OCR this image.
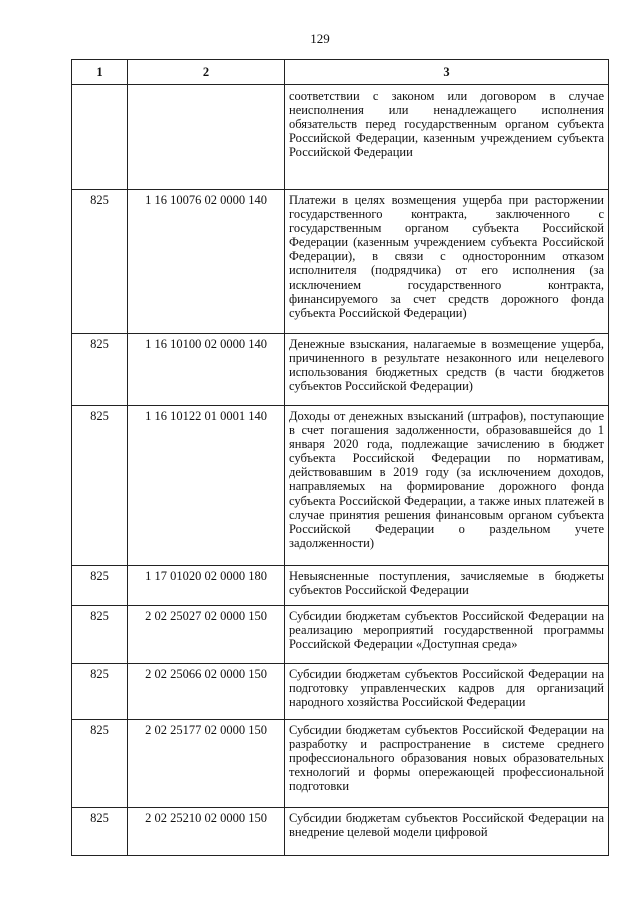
129
1	2	3
		соответствии с законом или договором в случае неисполнения или ненадлежащего исполнения обязательств перед государственным органом субъекта Российской Федерации, казенным учреждением субъекта Российской Федерации
825	1 16 10076 02 0000 140	Платежи в целях возмещения ущерба при расторжении государственного контракта, заключенного с государственным органом субъекта Российской Федерации (казенным учреждением субъекта Российской Федерации), в связи с односторонним отказом исполнителя (подрядчика) от его исполнения (за исключением государственного контракта, финансируемого за счет средств дорожного фонда субъекта Российской Федерации)
825	1 16 10100 02 0000 140	Денежные взыскания, налагаемые в возмещение ущерба, причиненного в результате незаконного или нецелевого использования бюджетных средств (в части бюджетов субъектов Российской Федерации)
825	1 16 10122 01 0001 140	Доходы от денежных взысканий (штрафов), поступающие в счет погашения задолженности, образовавшейся до 1 января 2020 года, подлежащие зачислению в бюджет субъекта Российской Федерации по нормативам, действовавшим в 2019 году (за исключением доходов, направляемых на формирование дорожного фонда субъекта Российской Федерации, а также иных платежей в случае принятия решения финансовым органом субъекта Российской Федерации о раздельном учете задолженности)
825	1 17 01020 02 0000 180	Невыясненные поступления, зачисляемые в бюджеты субъектов Российской Федерации
825	2 02 25027 02 0000 150	Субсидии бюджетам субъектов Российской Федерации на реализацию мероприятий государственной программы Российской Федерации «Доступная среда»
825	2 02 25066 02 0000 150	Субсидии бюджетам субъектов Российской Федерации на подготовку управленческих кадров для организаций народного хозяйства Российской Федерации
825	2 02 25177 02 0000 150	Субсидии бюджетам субъектов Российской Федерации на разработку и распространение в системе среднего профессионального образования новых образовательных технологий и формы опережающей профессиональной подготовки
825	2 02 25210 02 0000 150	Субсидии бюджетам субъектов Российской Федерации на внедрение целевой модели цифровой
